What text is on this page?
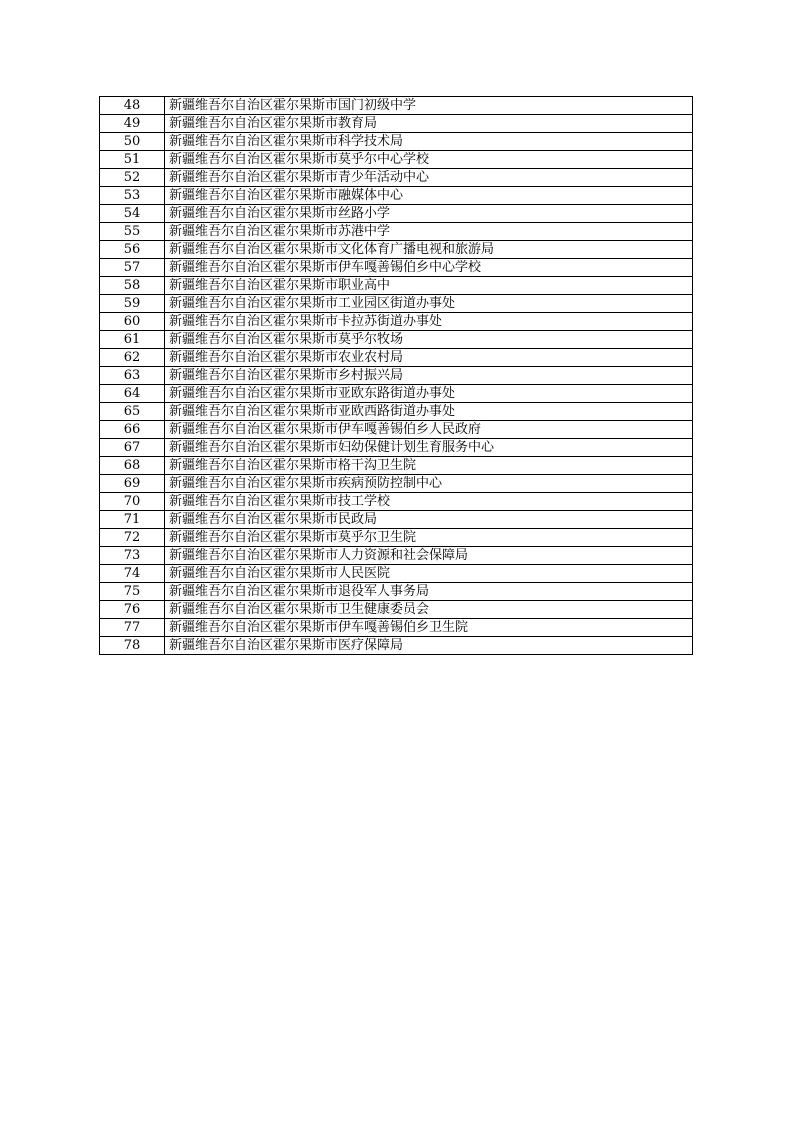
48	新疆维吾尔自治区霍尔果斯市国门初级中学
49	新疆维吾尔自治区霍尔果斯市教育局
50	新疆维吾尔自治区霍尔果斯市科学技术局
51	新疆维吾尔自治区霍尔果斯市莫乎尔中心学校
52	新疆维吾尔自治区霍尔果斯市青少年活动中心
53	新疆维吾尔自治区霍尔果斯市融媒体中心
54	新疆维吾尔自治区霍尔果斯市丝路小学
55	新疆维吾尔自治区霍尔果斯市苏港中学
56	新疆维吾尔自治区霍尔果斯市文化体育广播电视和旅游局
57	新疆维吾尔自治区霍尔果斯市伊车嘎善锡伯乡中心学校
58	新疆维吾尔自治区霍尔果斯市职业高中
59	新疆维吾尔自治区霍尔果斯市工业园区街道办事处
60	新疆维吾尔自治区霍尔果斯市卡拉苏街道办事处
61	新疆维吾尔自治区霍尔果斯市莫乎尔牧场
62	新疆维吾尔自治区霍尔果斯市农业农村局
63	新疆维吾尔自治区霍尔果斯市乡村振兴局
64	新疆维吾尔自治区霍尔果斯市亚欧东路街道办事处
65	新疆维吾尔自治区霍尔果斯市亚欧西路街道办事处
66	新疆维吾尔自治区霍尔果斯市伊车嘎善锡伯乡人民政府
67	新疆维吾尔自治区霍尔果斯市妇幼保健计划生育服务中心
68	新疆维吾尔自治区霍尔果斯市格干沟卫生院
69	新疆维吾尔自治区霍尔果斯市疾病预防控制中心
70	新疆维吾尔自治区霍尔果斯市技工学校
71	新疆维吾尔自治区霍尔果斯市民政局
72	新疆维吾尔自治区霍尔果斯市莫乎尔卫生院
73	新疆维吾尔自治区霍尔果斯市人力资源和社会保障局
74	新疆维吾尔自治区霍尔果斯市人民医院
75	新疆维吾尔自治区霍尔果斯市退役军人事务局
76	新疆维吾尔自治区霍尔果斯市卫生健康委员会
77	新疆维吾尔自治区霍尔果斯市伊车嘎善锡伯乡卫生院
78	新疆维吾尔自治区霍尔果斯市医疗保障局
